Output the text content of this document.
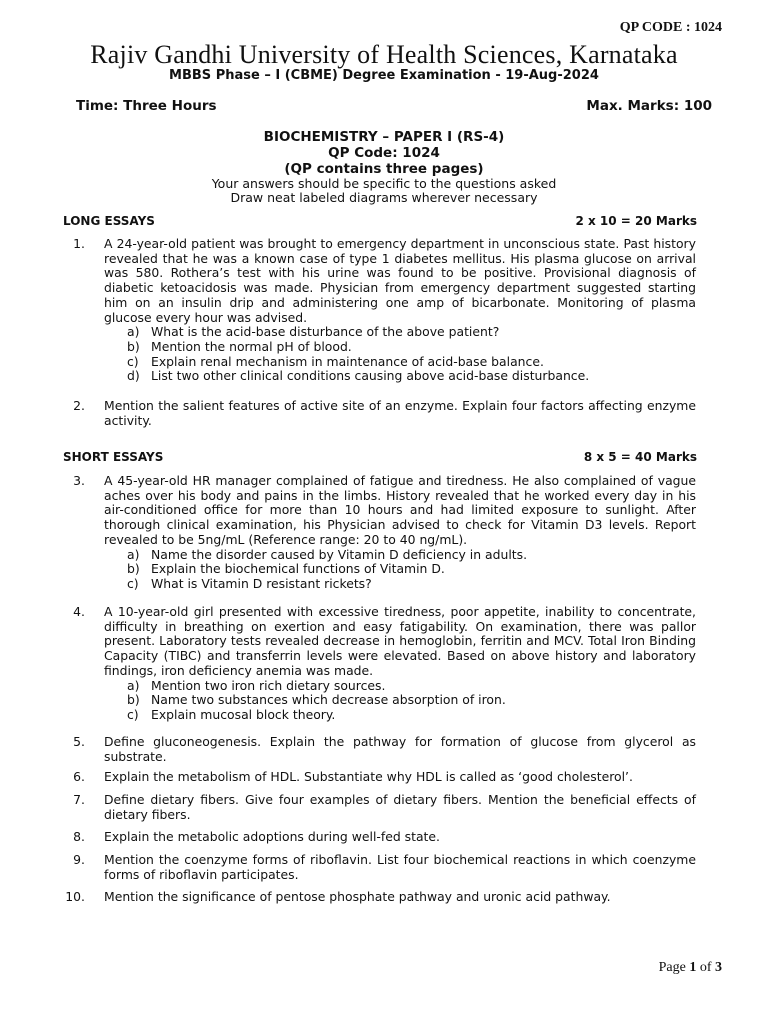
QP CODE : 1024
Rajiv Gandhi University of Health Sciences, Karnataka
MBBS Phase – I (CBME) Degree Examination - 19-Aug-2024
Time: Three Hours	Max. Marks: 100
BIOCHEMISTRY – PAPER I (RS-4)
QP Code: 1024
(QP contains three pages)
Your answers should be specific to the questions asked
Draw neat labeled diagrams wherever necessary
LONG ESSAYS	2 x 10 = 20 Marks
1. A 24-year-old patient was brought to emergency department in unconscious state. Past history revealed that he was a known case of type 1 diabetes mellitus. His plasma glucose on arrival was 580. Rothera’s test with his urine was found to be positive. Provisional diagnosis of diabetic ketoacidosis was made. Physician from emergency department suggested starting him on an insulin drip and administering one amp of bicarbonate. Monitoring of plasma glucose every hour was advised.
a) What is the acid-base disturbance of the above patient?
b) Mention the normal pH of blood.
c) Explain renal mechanism in maintenance of acid-base balance.
d) List two other clinical conditions causing above acid-base disturbance.
2. Mention the salient features of active site of an enzyme. Explain four factors affecting enzyme activity.
SHORT ESSAYS	8 x 5 = 40 Marks
3. A 45-year-old HR manager complained of fatigue and tiredness. He also complained of vague aches over his body and pains in the limbs. History revealed that he worked every day in his air-conditioned office for more than 10 hours and had limited exposure to sunlight. After thorough clinical examination, his Physician advised to check for Vitamin D3 levels. Report revealed to be 5ng/mL (Reference range: 20 to 40 ng/mL).
a) Name the disorder caused by Vitamin D deficiency in adults.
b) Explain the biochemical functions of Vitamin D.
c) What is Vitamin D resistant rickets?
4. A 10-year-old girl presented with excessive tiredness, poor appetite, inability to concentrate, difficulty in breathing on exertion and easy fatigability. On examination, there was pallor present. Laboratory tests revealed decrease in hemoglobin, ferritin and MCV. Total Iron Binding Capacity (TIBC) and transferrin levels were elevated. Based on above history and laboratory findings, iron deficiency anemia was made.
a) Mention two iron rich dietary sources.
b) Name two substances which decrease absorption of iron.
c) Explain mucosal block theory.
5. Define gluconeogenesis. Explain the pathway for formation of glucose from glycerol as substrate.
6. Explain the metabolism of HDL. Substantiate why HDL is called as ‘good cholesterol’.
7. Define dietary fibers. Give four examples of dietary fibers. Mention the beneficial effects of dietary fibers.
8. Explain the metabolic adoptions during well-fed state.
9. Mention the coenzyme forms of riboflavin. List four biochemical reactions in which coenzyme forms of riboflavin participates.
10. Mention the significance of pentose phosphate pathway and uronic acid pathway.
Page 1 of 3
